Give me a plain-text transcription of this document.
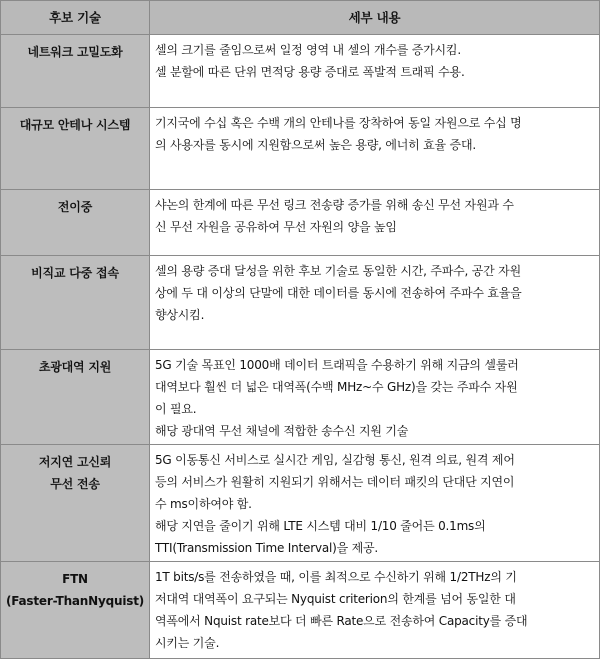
후보 기술	세부 내용

네트워크 고밀도화	셀의 크기를 줄임으로써 일정 영역 내 셀의 개수를 증가시킴.
셀 분할에 따른 단위 면적당 용량 증대로 폭발적 트래픽 수용.

대규모 안테나 시스템	기지국에 수십 혹은 수백 개의 안테나를 장착하여 동일 자원으로 수십 명
의 사용자를 동시에 지원함으로써 높은 용량, 에너히 효율 증대.

전이중	샤논의 한계에 따른 무선 링크 전송량 증가를 위해 송신 무선 자원과 수
신 무선 자원을 공유하여 무선 자원의 양을 높임

비직교 다중 접속	셀의 용량 증대 달성을 위한 후보 기술로 동일한 시간, 주파수, 공간 자원
상에 두 대 이상의 단말에 대한 데이터를 동시에 전송하여 주파수 효율을
향상시킴.

초광대역 지원	5G 기술 목표인 1000배 데이터 트래픽을 수용하기 위해 지금의 셀룰러
대역보다 훨씬 더 넓은 대역폭(수백 MHz~수 GHz)을 갖는 주파수 자원
이 필요.
해당 광대역 무선 채널에 적합한 송수신 지원 기술

저지연 고신뢰
무선 전송	5G 이동통신 서비스로 실시간 게임, 실감형 통신, 원격 의료, 원격 제어
등의 서비스가 원활히 지원되기 위해서는 데이터 패킷의 단대단 지연이
수 ms이하여야 함.
해당 지연을 줄이기 위해 LTE 시스템 대비 1/10 줄어든 0.1ms의
TTI(Transmission Time Interval)을 제공.

FTN
(Faster-ThanNyquist)	1T bits/s를 전송하였을 때, 이를 최적으로 수신하기 위해 1/2THz의 기
저대역 대역폭이 요구되는 Nyquist criterion의 한계를 넘어 동일한 대
역폭에서 Nquist rate보다 더 빠른 Rate으로 전송하여 Capacity를 증대
시키는 기술.
